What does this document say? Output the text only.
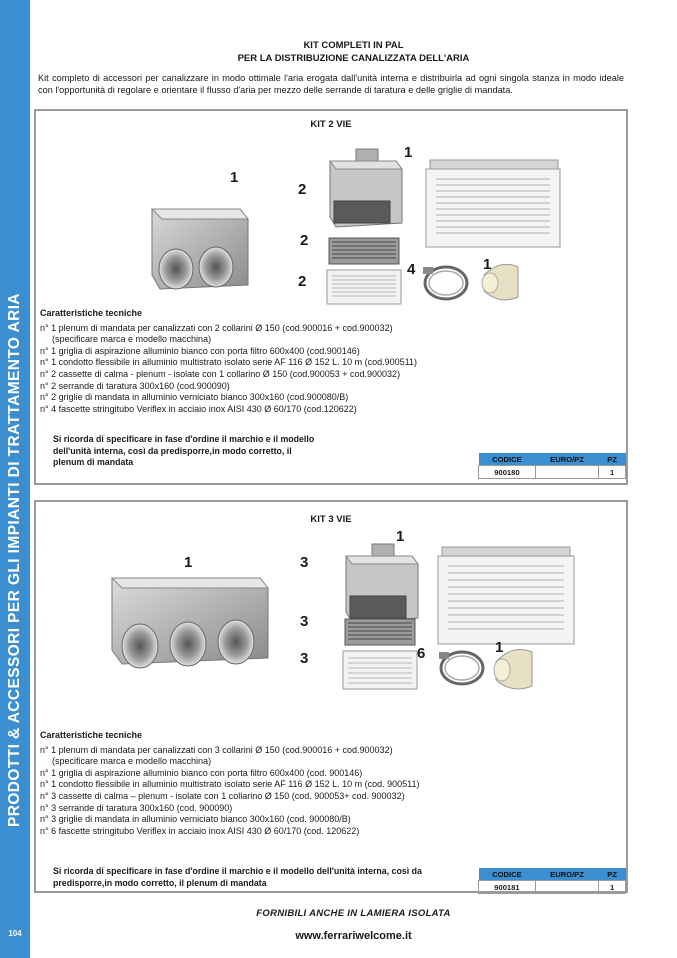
PRODOTTI & ACCESSORI PER GLI IMPIANTI DI TRATTAMENTO ARIA
104
KIT COMPLETI IN PAL
PER LA DISTRIBUZIONE CANALIZZATA DELL'ARIA
Kit completo di accessori per canalizzare in modo ottimale l'aria erogata dall'unità interna e distribuirla ad ogni singola stanza in modo ideale con l'opportunità di regolare e orientare il flusso d'aria per mezzo delle serrande di taratura e delle griglie di mandata.
KIT 2 VIE
1
2
2
2
1
4	1
Caratteristiche tecniche
n° 1 plenum di mandata per canalizzati con 2 collarini Ø 150 (cod.900016 + cod.900032)
(specificare marca e modello macchina)
n° 1 griglia di aspirazione alluminio bianco con porta filtro 600x400 (cod.900146)
n° 1 condotto flessibile in alluminio multistrato isolato serie AF 116 Ø 152 L. 10 m (cod.900511)
n° 2 cassette di calma - plenum - isolate con 1 collarino Ø 150 (cod.900053 + cod.900032)
n° 2 serrande di taratura 300x160 (cod.900090)
n° 2 griglie di mandata in alluminio verniciato bianco 300x160 (cod.900080/B)
n° 4 fascette stringitubo Veriflex in acciaio inox AISI 430 Ø 60/170 (cod.120622)
Si ricorda di specificare in fase d'ordine il marchio e il modello dell'unità interna, così da predisporre,in modo corretto, il plenum di mandata	CODICE	EURO/PZ	PZ
900180		1
KIT 3 VIE
1	3
3
3
1
6	1
Caratteristiche tecniche
n° 1 plenum di mandata per canalizzati con 3 collarini Ø 150 (cod.900016 + cod.900032)
(specificare marca e modello macchina)
n° 1 griglia di aspirazione alluminio bianco con porta filtro 600x400 (cod. 900146)
n° 1 condotto flessibile in alluminio multistrato isolato serie AF 116 Ø 152 L. 10 m (cod. 900511)
n° 3 cassette di calma – plenum - isolate con 1 collarino Ø 150 (cod. 900053+ cod. 900032)
n° 3 serrande di taratura 300x160 (cod. 900090)
n° 3 griglie di mandata in alluminio verniciato bianco 300x160 (cod. 900080/B)
n° 6 fascette stringitubo Veriflex in acciaio inox AISI 430 Ø 60/170 (cod. 120622)
Si ricorda di specificare in fase d'ordine il marchio e il modello dell'unità interna, così da predisporre,in modo corretto, il plenum di mandata
CODICE	EURO/PZ	PZ
900181		1
FORNIBILI ANCHE IN LAMIERA ISOLATA
www.ferrariwelcome.it
